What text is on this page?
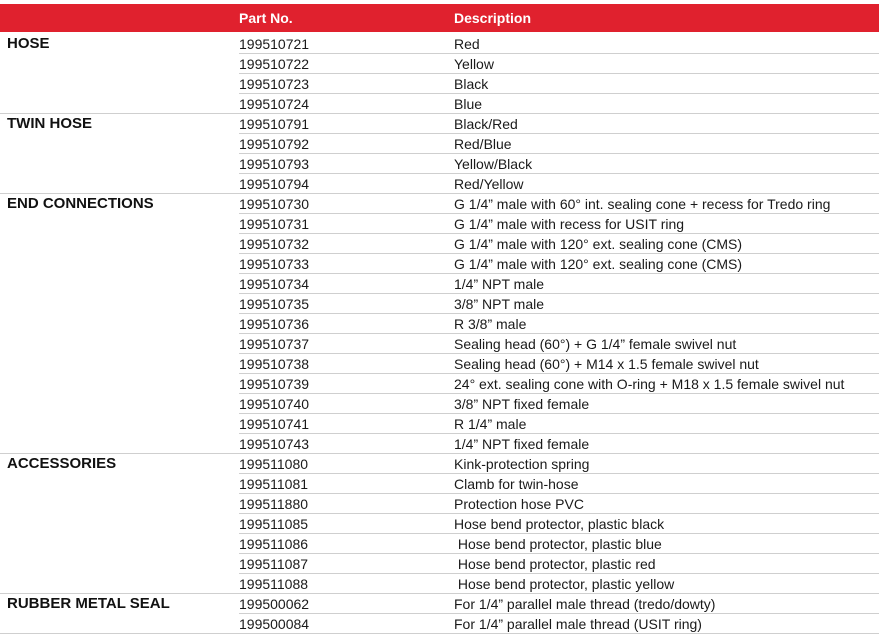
Part No.	Description
HOSE	199510721	Red
199510722	Yellow
199510723	Black
199510724	Blue
TWIN HOSE	199510791	Black/Red
199510792	Red/Blue
199510793	Yellow/Black
199510794	Red/Yellow
END CONNECTIONS	199510730	G 1/4” male with 60° int. sealing cone + recess for Tredo ring
199510731	G 1/4” male with recess for USIT ring
199510732	G 1/4” male with 120° ext. sealing cone (CMS)
199510733	G 1/4” male with 120° ext. sealing cone (CMS)
199510734	1/4” NPT male
199510735	3/8” NPT male
199510736	R 3/8” male
199510737	Sealing head (60°) + G 1/4” female swivel nut
199510738	Sealing head (60°) + M14 x 1.5 female swivel nut
199510739	24° ext. sealing cone with O-ring + M18 x 1.5 female swivel nut
199510740	3/8” NPT fixed female
199510741	R 1/4” male
199510743	1/4” NPT fixed female
ACCESSORIES	199511080	Kink-protection spring
199511081	Clamb for twin-hose
199511880	Protection hose PVC
199511085	Hose bend protector, plastic black
199511086	Hose bend protector, plastic blue
199511087	Hose bend protector, plastic red
199511088	Hose bend protector, plastic yellow
RUBBER METAL SEAL	199500062	For 1/4” parallel male thread (tredo/dowty)
199500084	For 1/4” parallel male thread (USIT ring)
